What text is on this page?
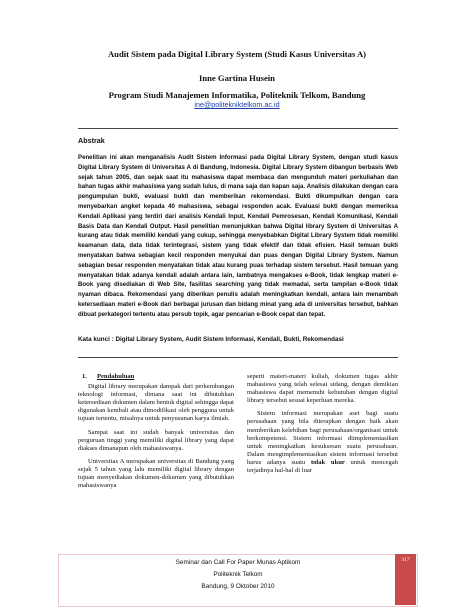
Audit Sistem pada Digital Library System (Studi Kasus Universitas A)
Inne Gartina Husein
Program Studi Manajemen Informatika, Politeknik Telkom, Bandung
ine@politekniktelkom.ac.id
Abstrak

Penelitian ini akan menganalisis Audit Sistem Informasi pada Digital Library System, dengan studi kasus Digital Library System di Universitas A di Bandung, Indonesia. Digital Library System dibangun berbasis Web sejak tahun 2005, dan sejak saat itu mahasiswa dapat membaca dan mengunduh materi perkuliahan dan bahan tugas akhir mahasiswa yang sudah lulus, di mana saja dan kapan saja. Analisis dilakukan dengan cara pengumpulan bukti, evaluasi bukti dan memberikan rekomendasi. Bukti dikumpulkan dengan cara menyebarkan angket kepada 40 mahasiswa, sebagai responden acak. Evaluasi bukti dengan memeriksa Kendali Aplikasi yang terdiri dari analisis Kendali Input, Kendali Pemrosesan, Kendali Komunikasi, Kendali Basis Data dan Kendali Output. Hasil penelitian menunjukkan bahwa Digital library System di Universitas A kurang atau tidak memiliki kendali yang cukup, sehingga menyebabkan Digital Library System tidak memiliki keamanan data, data tidak terintegrasi, sistem yang tidak efektif dan tidak efisien. Hasil temuan bukti menyatakan bahwa sebagian kecil responden menyukai dan puas dengan Digital Library System. Namun sebagian besar responden menyatakan tidak atau kurang puas terhadap sistem tersebut. Hasil temuan yang menyatakan tidak adanya kendali adalah antara lain, lambatnya mengakses e-Book, tidak lengkap materi e-Book yang disediakan di Web Site, fasilitas searching yang tidak memadai, serta tampilan e-Book tidak nyaman dibaca. Rekomendasi yang diberikan penulis adalah meningkatkan kendali, antara lain menambah ketersediaan materi e-Book dari berbagai jurusan dan bidang minat yang ada di universitas tersebut, bahkan dibuat perkategori tertentu atau persub topik, agar pencarian e-Book cepat dan tepat.

Kata kunci : Digital Library System, Audit Sistem Informasi, Kendali, Bukti, Rekomendasi

1. Pendahuluan

Digital library merupakan dampak dari perkembangan teknologi informasi, dimana saat ini dibutuhkan ketersediaan dokumen dalam bentuk digital sehingga dapat digunakan kembali atau dimodifikasi oleh pengguna untuk tujuan tertentu, misalnya untuk penyusunan karya ilmiah.

Sampai saat ini sudah banyak universitas dan perguruan tinggi yang memiliki digital library yang dapat diakses dimanapun oleh mahasiswanya.

Universitas A merupakan universitas di Bandung yang sejak 5 tahun yang lalu memiliki digital library dengan tujuan menyediakan dokumen-dokumen yang dibutuhkan mahasiswanya

seperti materi-materi kuliah, dokumen tugas akhir mahasiswa yang telah selesai sidang, dengan demikian mahasiswa dapat memenuhi kebutuhan dengan digital library tersebut sesuai keperluan mereka.

Sistem informasi merupakan aset bagi suatu perusahaan yang bila diterapkan dengan baik akan memberikan kelebihan bagi perusahaan/organisasi untuk berkompetensi. Sistem informasi diimplementasikan untuk meningkatkan kesuksesan suatu perusahaan. Dalam mengimplementasikan sistem informasi tersebut harus adanya suatu tolak ukur untuk mencegah terjadinya hal-hal di luar

Seminar dan Call For Paper Munas Aptikom
Politeknik Telkom
Bandung, 9 Oktober 2010
317
